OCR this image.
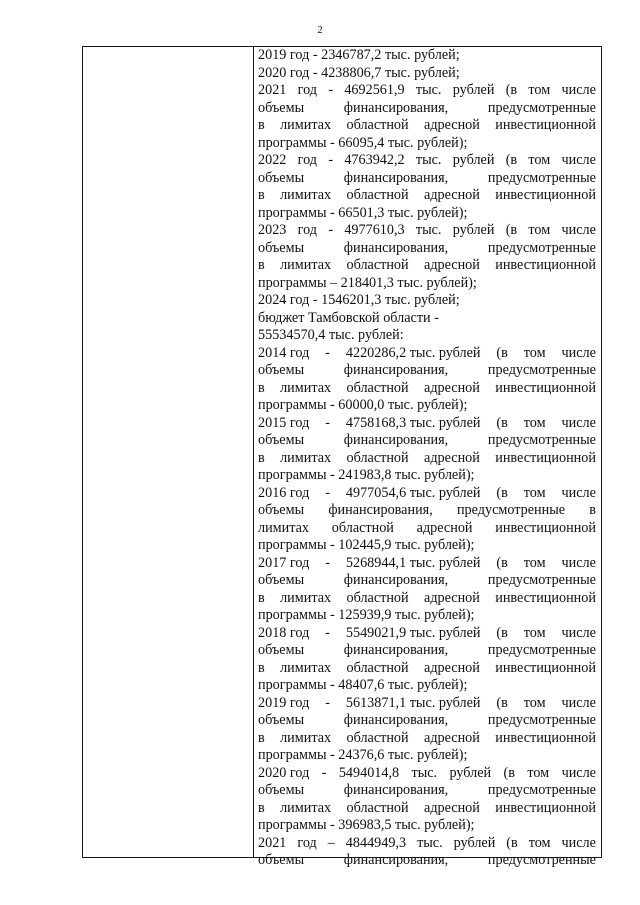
2
2019 год - 2346787,2 тыс. рублей;
2020 год - 4238806,7 тыс. рублей;
2021 год - 4692561,9 тыс. рублей (в том числе
объемы	финансирования,	предусмотренные
в лимитах областной адресной инвестиционной
программы - 66095,4 тыс. рублей);
2022 год - 4763942,2 тыс. рублей (в том числе
объемы	финансирования,	предусмотренные
в лимитах областной адресной инвестиционной
программы - 66501,3 тыс. рублей);
2023 год - 4977610,3 тыс. рублей (в том числе
объемы	финансирования,	предусмотренные
в лимитах областной адресной инвестиционной
программы – 218401,3 тыс. рублей);
2024 год - 1546201,3 тыс. рублей;
бюджет Тамбовской области -
55534570,4 тыс. рублей:
2014 год - 4220286,2 тыс. рублей (в том числе
объемы	финансирования,	предусмотренные
в лимитах областной адресной инвестиционной
программы - 60000,0 тыс. рублей);
2015 год - 4758168,3 тыс. рублей (в том числе
объемы	финансирования,	предусмотренные
в лимитах областной адресной инвестиционной
программы - 241983,8 тыс. рублей);
2016 год - 4977054,6 тыс. рублей (в том числе
объемы финансирования, предусмотренные в
лимитах областной адресной инвестиционной
программы - 102445,9 тыс. рублей);
2017 год - 5268944,1 тыс. рублей (в том числе
объемы	финансирования,	предусмотренные
в лимитах областной адресной инвестиционной
программы - 125939,9 тыс. рублей);
2018 год - 5549021,9 тыс. рублей (в том числе
объемы	финансирования,	предусмотренные
в лимитах областной адресной инвестиционной
программы - 48407,6 тыс. рублей);
2019 год - 5613871,1 тыс. рублей (в том числе
объемы	финансирования,	предусмотренные
в лимитах областной адресной инвестиционной
программы - 24376,6 тыс. рублей);
2020 год - 5494014,8 тыс. рублей (в том числе
объемы	финансирования,	предусмотренные
в лимитах областной адресной инвестиционной
программы - 396983,5 тыс. рублей);
2021 год – 4844949,3 тыс. рублей (в том числе
объемы	финансирования,	предусмотренные
